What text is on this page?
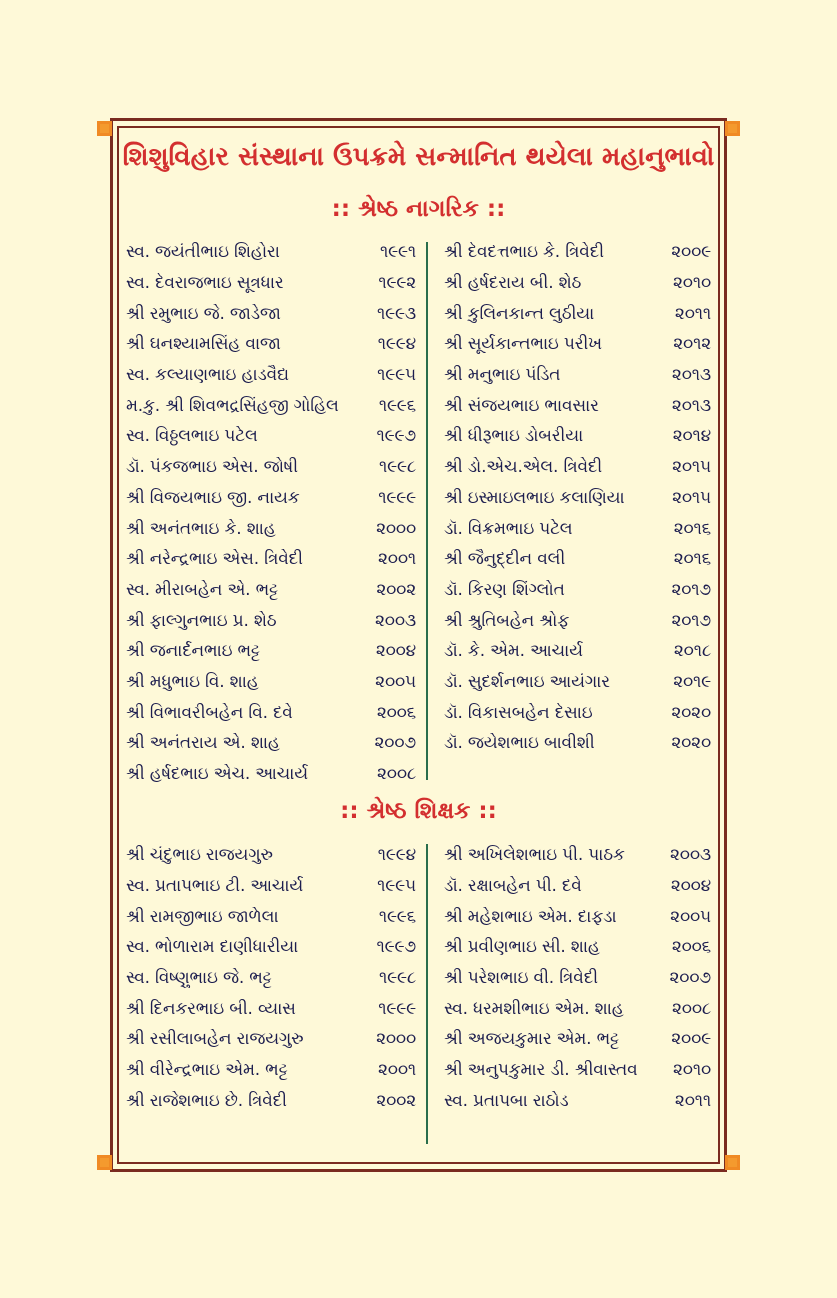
શિશુવિહાર સંસ્થાના ઉપક્રમે સન્માનિત થયેલા મહાનુભાવો
:: શ્રેષ્ઠ નાગરિક ::
સ્વ. જયંતીભાઇ શિહોરા	૧૯૯૧
સ્વ. દેવરાજભાઇ સૂત્રધાર	૧૯૯૨
શ્રી રમુભાઇ જે. જાડેજા	૧૯૯૩
શ્રી ઘનશ્યામસિંહ વાજા	૧૯૯૪
સ્વ. કલ્યાણભાઇ હાડવૈદ્ય	૧૯૯૫
મ.કુ. શ્રી શિવભદ્રસિંહજી ગોહિલ ૧૯૯૬
સ્વ. વિઠ્ઠલભાઇ પટેલ	૧૯૯૭
ડૉ. પંકજભાઇ એસ. જોષી	૧૯૯૮
શ્રી વિજયભાઇ જી. નાયક	૧૯૯૯
શ્રી અનંતભાઇ કે. શાહ	૨૦૦૦
શ્રી નરેન્દ્રભાઇ એસ. ત્રિવેદી	૨૦૦૧
સ્વ. મીરાબહેન એ. ભટ્ટ	૨૦૦૨
શ્રી ફાલ્ગુનભાઇ પ્ર. શેઠ	૨૦૦૩
શ્રી જનાર્દનભાઇ ભટ્ટ	૨૦૦૪
શ્રી મધુભાઇ વિ. શાહ	૨૦૦૫
શ્રી વિભાવરીબહેન વિ. દવે	૨૦૦૬
શ્રી અનંતરાય એ. શાહ	૨૦૦૭
શ્રી હર્ષદભાઇ એચ. આચાર્ય	૨૦૦૮
શ્રી દેવદત્તભાઇ કે. ત્રિવેદી	૨૦૦૯
શ્રી હર્ષદરાય બી. શેઠ	૨૦૧૦
શ્રી કુલિનકાન્ત લુઠીયા	૨૦૧૧
શ્રી સૂર્યકાન્તભાઇ પરીખ	૨૦૧૨
શ્રી મનુભાઇ પંડિત	૨૦૧૩
શ્રી સંજયભાઇ ભાવસાર	૨૦૧૩
શ્રી ધીરૂભાઇ ડોબરીયા	૨૦૧૪
શ્રી ડો.એચ.એલ. ત્રિવેદી	૨૦૧૫
શ્રી ઇસ્માઇલભાઇ કલાણિયા	૨૦૧૫
ડૉ. વિક્રમભાઇ પટેલ	૨૦૧૬
શ્રી જૈનુદ્દીન વલી	૨૦૧૬
ડૉ. કિરણ શિંગ્લોત	૨૦૧૭
શ્રી શ્રુતિબહેન શ્રોફ	૨૦૧૭
ડૉ. કે. એમ. આચાર્ય	૨૦૧૮
ડૉ. સુદર્શનભાઇ આયંગાર	૨૦૧૯
ડૉ. વિકાસબહેન દેસાઇ	૨૦૨૦
ડૉ. જયેશભાઇ બાવીશી	૨૦૨૦
:: શ્રેષ્ઠ શિક્ષક ::
શ્રી ચંદુભાઇ રાજયગુરુ	૧૯૯૪
સ્વ. પ્રતાપભાઇ ટી. આચાર્ય	૧૯૯૫
શ્રી રામજીભાઇ જાળેલા	૧૯૯૬
સ્વ. ભોળારામ દાણીધારીયા	૧૯૯૭
સ્વ. વિષ્ણુભાઇ જે. ભટ્ટ	૧૯૯૮
શ્રી દિનકરભાઇ બી. વ્યાસ	૧૯૯૯
શ્રી રસીલાબહેન રાજયગુરુ	૨૦૦૦
શ્રી વીરેન્દ્રભાઇ એમ. ભટ્ટ	૨૦૦૧
શ્રી રાજેશભાઇ છે. ત્રિવેદી	૨૦૦૨
શ્રી અખિલેશભાઇ પી. પાઠક	૨૦૦૩
ડૉ. રક્ષાબહેન પી. દવે	૨૦૦૪
શ્રી મહેશભાઇ એમ. દાફડા	૨૦૦૫
શ્રી પ્રવીણભાઇ સી. શાહ	૨૦૦૬
શ્રી પરેશભાઇ વી. ત્રિવેદી	૨૦૦૭
સ્વ. ધરમશીભાઇ એમ. શાહ	૨૦૦૮
શ્રી અજયકુમાર એમ. ભટ્ટ	૨૦૦૯
શ્રી અનુપકુમાર ડી. શ્રીવાસ્તવ	૨૦૧૦
સ્વ. પ્રતાપબા રાઠોડ	૨૦૧૧
